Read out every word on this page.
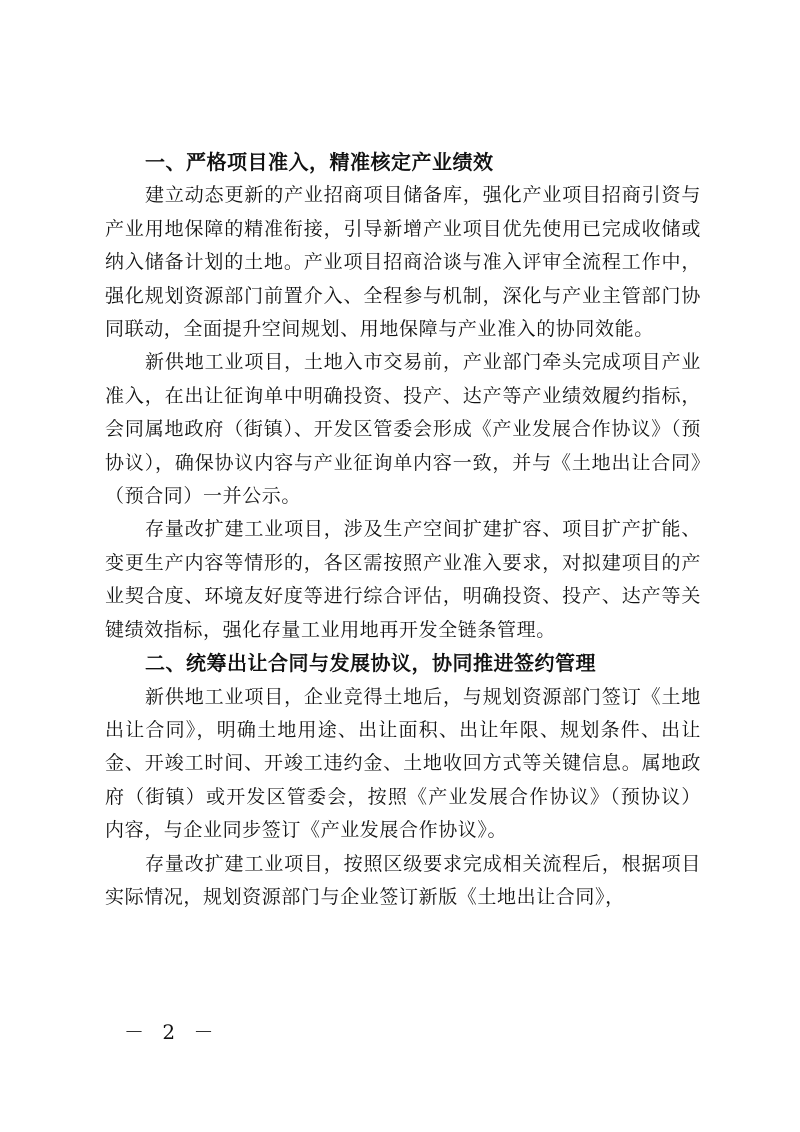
一、严格项目准入，精准核定产业绩效

建立动态更新的产业招商项目储备库，强化产业项目招商引资与产业用地保障的精准衔接，引导新增产业项目优先使用已完成收储或纳入储备计划的土地。产业项目招商洽谈与准入评审全流程工作中，强化规划资源部门前置介入、全程参与机制，深化与产业主管部门协同联动，全面提升空间规划、用地保障与产业准入的协同效能。

新供地工业项目，土地入市交易前，产业部门牵头完成项目产业准入，在出让征询单中明确投资、投产、达产等产业绩效履约指标，会同属地政府（街镇）、开发区管委会形成《产业发展合作协议》（预协议），确保协议内容与产业征询单内容一致，并与《土地出让合同》（预合同）一并公示。

存量改扩建工业项目，涉及生产空间扩建扩容、项目扩产扩能、变更生产内容等情形的，各区需按照产业准入要求，对拟建项目的产业契合度、环境友好度等进行综合评估，明确投资、投产、达产等关键绩效指标，强化存量工业用地再开发全链条管理。

二、统筹出让合同与发展协议，协同推进签约管理

新供地工业项目，企业竞得土地后，与规划资源部门签订《土地出让合同》，明确土地用途、出让面积、出让年限、规划条件、出让金、开竣工时间、开竣工违约金、土地收回方式等关键信息。属地政府（街镇）或开发区管委会，按照《产业发展合作协议》（预协议）内容，与企业同步签订《产业发展合作协议》。

存量改扩建工业项目，按照区级要求完成相关流程后，根据项目实际情况，规划资源部门与企业签订新版《土地出让合同》，

－ 2 －
